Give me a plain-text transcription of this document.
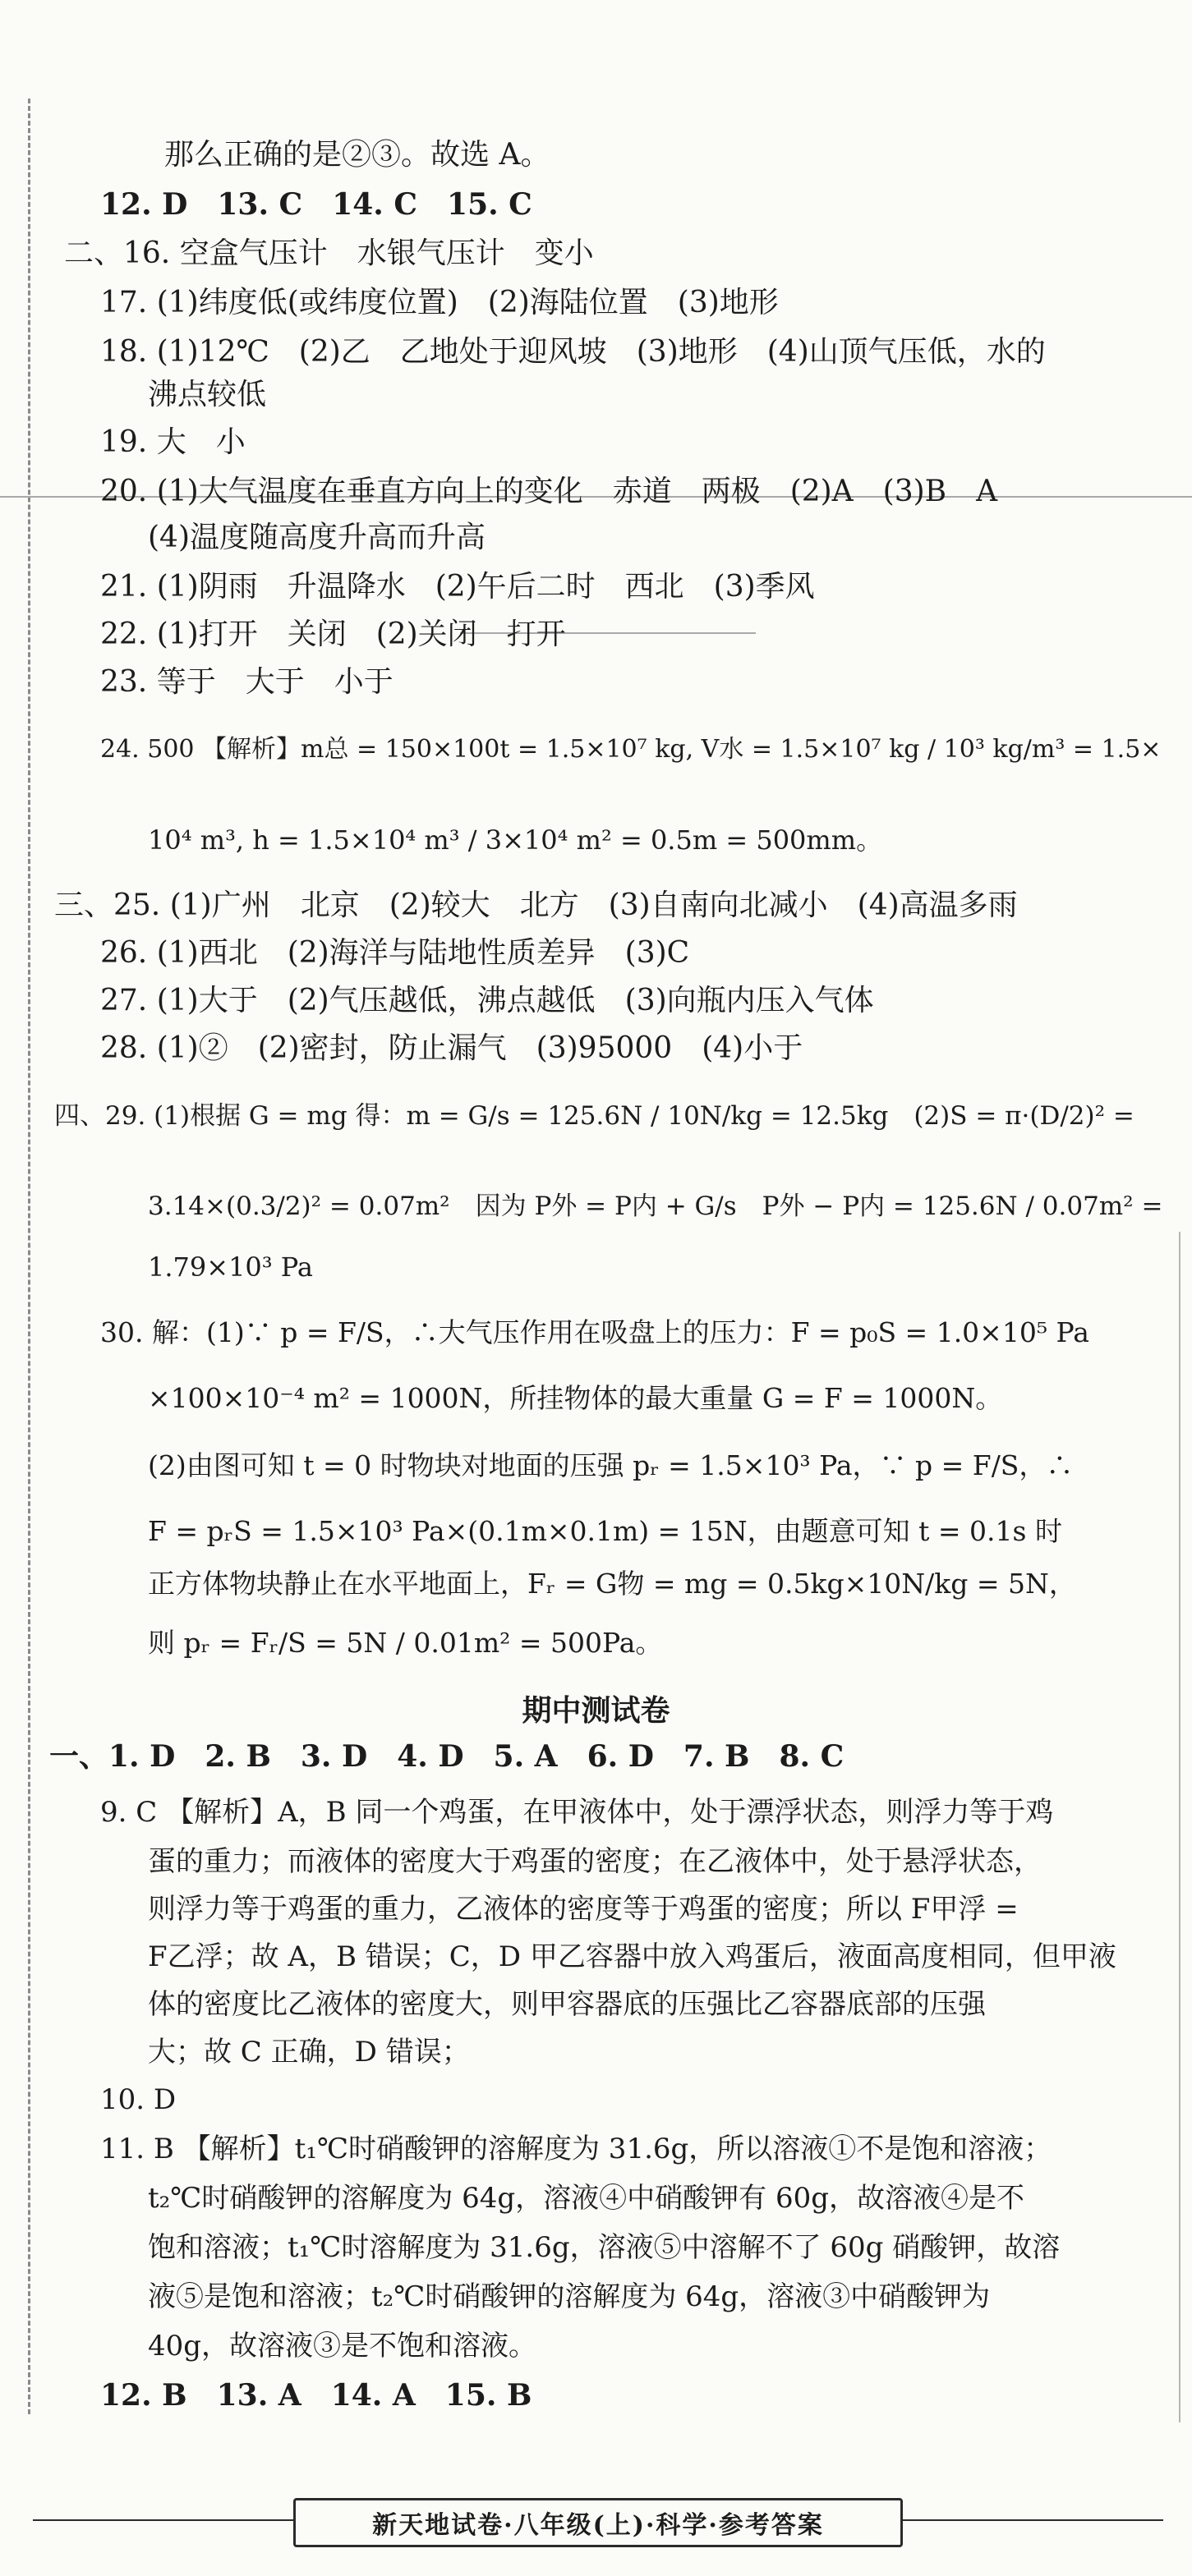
那么正确的是②③。故选 A。
12. D　13. C　14. C　15. C
二、16. 空盒气压计　水银气压计　变小
17. (1)纬度低(或纬度位置)　(2)海陆位置　(3)地形
18. (1)12℃　(2)乙　乙地处于迎风坡　(3)地形　(4)山顶气压低，水的
沸点较低
19. 大　小
20. (1)大气温度在垂直方向上的变化　赤道　两极　(2)A　(3)B　A
(4)温度随高度升高而升高
21. (1)阴雨　升温降水　(2)午后二时　西北　(3)季风
22. (1)打开　关闭　(2)关闭　打开
23. 等于　大于　小于
24. 500 【解析】m总 = 150×100t = 1.5×10⁷ kg, V水 = 1.5×10⁷ kg / 10³ kg/m³ = 1.5×
10⁴ m³, h = 1.5×10⁴ m³ / 3×10⁴ m² = 0.5m = 500mm。
三、25. (1)广州　北京　(2)较大　北方　(3)自南向北减小　(4)高温多雨
26. (1)西北　(2)海洋与陆地性质差异　(3)C
27. (1)大于　(2)气压越低，沸点越低　(3)向瓶内压入气体
28. (1)②　(2)密封，防止漏气　(3)95000　(4)小于
四、29. (1)根据 G = mg 得：m = G/s = 125.6N / 10N/kg = 12.5kg　(2)S = π·(D/2)² =
3.14×(0.3/2)² = 0.07m²　因为 P外 = P内 + G/s　P外 − P内 = 125.6N / 0.07m² =
1.79×10³ Pa
30. 解：(1)∵ p = F/S，∴大气压作用在吸盘上的压力：F = p₀S = 1.0×10⁵ Pa
×100×10⁻⁴ m² = 1000N，所挂物体的最大重量 G = F = 1000N。
(2)由图可知 t = 0 时物块对地面的压强 pᵣ = 1.5×10³ Pa，∵ p = F/S，∴
F = pᵣS = 1.5×10³ Pa×(0.1m×0.1m) = 15N，由题意可知 t = 0.1s 时
正方体物块静止在水平地面上，Fᵣ = G物 = mg = 0.5kg×10N/kg = 5N，
则 pᵣ = Fᵣ/S = 5N / 0.01m² = 500Pa。
期中测试卷
一、1. D　2. B　3. D　4. D　5. A　6. D　7. B　8. C
9. C 【解析】A，B 同一个鸡蛋，在甲液体中，处于漂浮状态，则浮力等于鸡
蛋的重力；而液体的密度大于鸡蛋的密度；在乙液体中，处于悬浮状态，
则浮力等于鸡蛋的重力，乙液体的密度等于鸡蛋的密度；所以 F甲浮 =
F乙浮；故 A，B 错误；C，D 甲乙容器中放入鸡蛋后，液面高度相同，但甲液
体的密度比乙液体的密度大，则甲容器底的压强比乙容器底部的压强
大；故 C 正确，D 错误；
10. D
11. B 【解析】t₁℃时硝酸钾的溶解度为 31.6g，所以溶液①不是饱和溶液；
t₂℃时硝酸钾的溶解度为 64g，溶液④中硝酸钾有 60g，故溶液④是不
饱和溶液；t₁℃时溶解度为 31.6g，溶液⑤中溶解不了 60g 硝酸钾，故溶
液⑤是饱和溶液；t₂℃时硝酸钾的溶解度为 64g，溶液③中硝酸钾为
40g，故溶液③是不饱和溶液。
12. B　13. A　14. A　15. B
新天地试卷·八年级(上)·科学·参考答案
